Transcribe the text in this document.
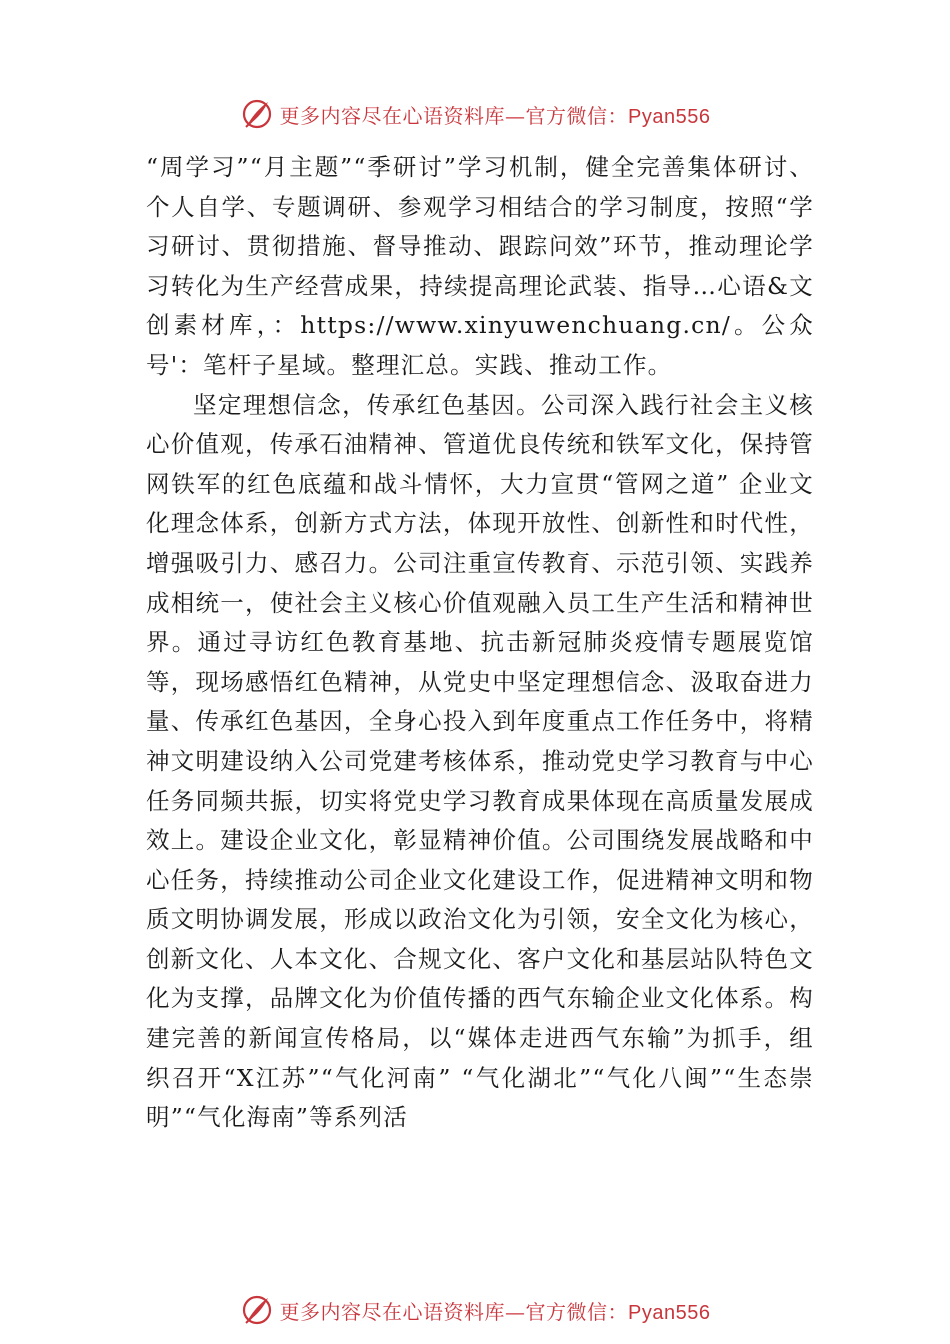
更多内容尽在心语资料库—官方微信：Pyan556

“周学习”“月主题”“季研讨”学习机制，健全完善集体研讨、个人自学、专题调研、参观学习相结合的学习制度，按照“学习研讨、贯彻措施、督导推动、跟踪问效”环节，推动理论学习转化为生产经营成果，持续提高理论武装、指导…心语&文创素材库，：https://www.xinyuwenchuang.cn/。公众号'：笔杆子星域。整理汇总。实践、推动工作。

坚定理想信念，传承红色基因。公司深入践行社会主义核心价值观，传承石油精神、管道优良传统和铁军文化，保持管网铁军的红色底蕴和战斗情怀，大力宣贯“管网之道” 企业文化理念体系，创新方式方法，体现开放性、创新性和时代性，增强吸引力、感召力。公司注重宣传教育、示范引领、实践养成相统一，使社会主义核心价值观融入员工生产生活和精神世界。通过寻访红色教育基地、抗击新冠肺炎疫情专题展览馆等，现场感悟红色精神，从党史中坚定理想信念、汲取奋进力量、传承红色基因，全身心投入到年度重点工作任务中，将精神文明建设纳入公司党建考核体系，推动党史学习教育与中心任务同频共振，切实将党史学习教育成果体现在高质量发展成效上。建设企业文化，彰显精神价值。公司围绕发展战略和中心任务，持续推动公司企业文化建设工作，促进精神文明和物质文明协调发展，形成以政治文化为引领，安全文化为核心，创新文化、人本文化、合规文化、客户文化和基层站队特色文化为支撑，品牌文化为价值传播的西气东输企业文化体系。构建完善的新闻宣传格局，以“媒体走进西气东输”为抓手，组织召开“X江苏”“气化河南” “气化湖北”“气化八闽”“生态崇明”“气化海南”等系列活

更多内容尽在心语资料库—官方微信：Pyan556
